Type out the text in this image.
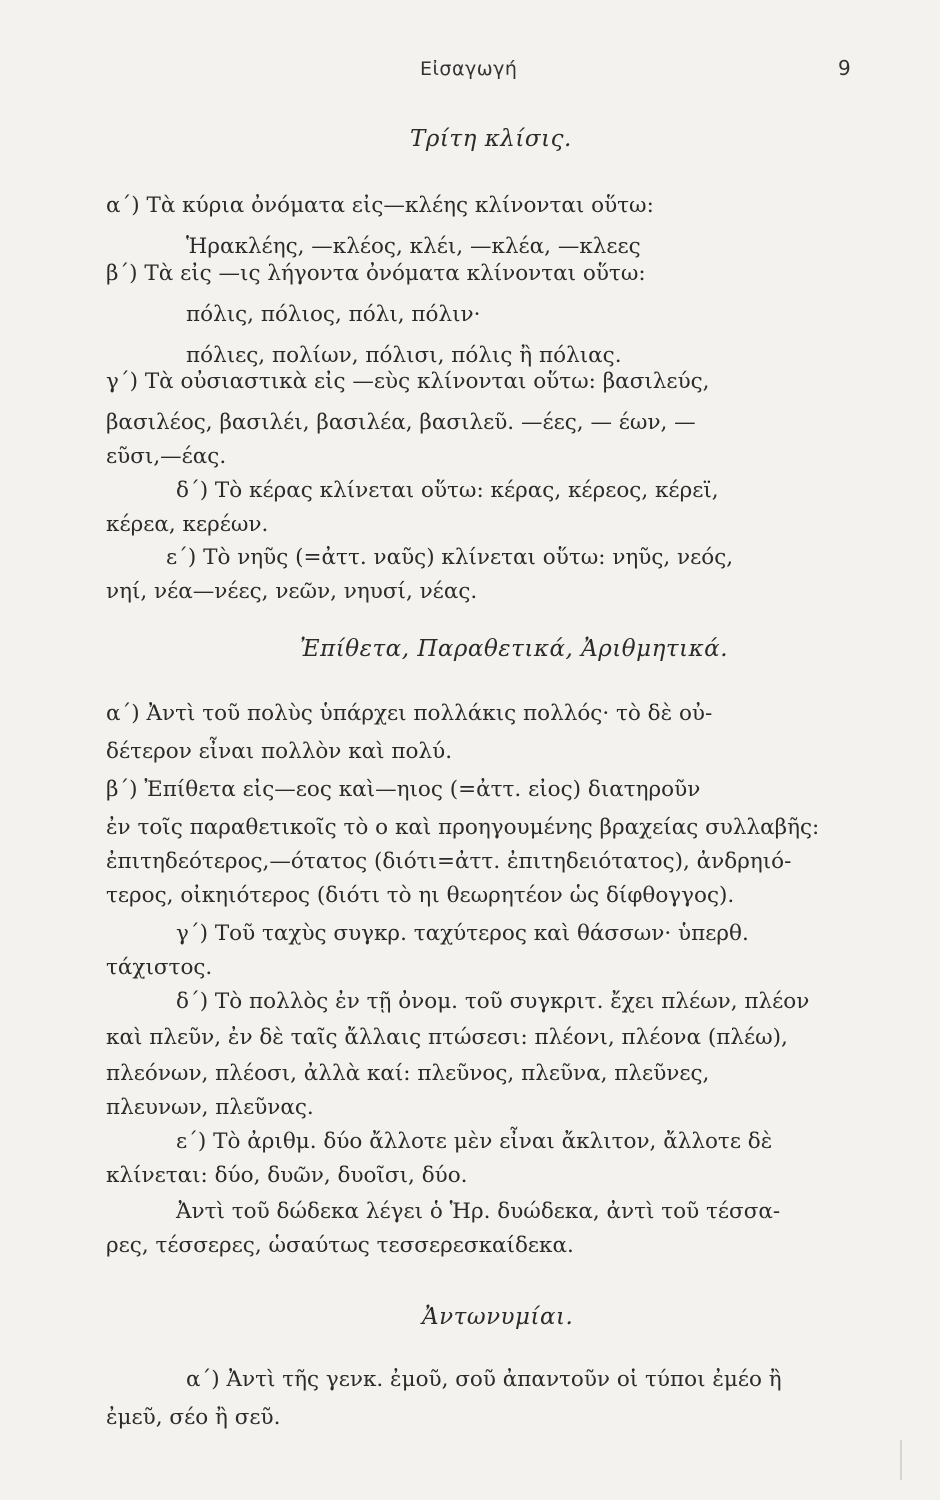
Εἰσαγωγή	9
Τρίτη κλίσις.
α΄) Τὰ κύρια ὀνόματα εἰς—κλέης κλίνονται οὕτω:
Ἡρακλέης, —κλέος, κλέι, —κλέα, —κλεες
β΄) Τὰ εἰς —ις λήγοντα ὀνόματα κλίνονται οὕτω:
πόλις, πόλιος, πόλι, πόλιν·
πόλιες, πολίων, πόλισι, πόλις ἢ πόλιας.
γ΄) Τὰ οὐσιαστικὰ εἰς —εὺς κλίνονται οὕτω: βασιλεύς,
βασιλέος, βασιλέι, βασιλέα, βασιλεῦ. —έες, — έων, —
εῦσι,—έας.
δ΄) Τὸ κέρας κλίνεται οὕτω: κέρας, κέρεος, κέρεϊ,
κέρεα, κερέων.
ε΄) Τὸ νηῦς (=ἀττ. ναῦς) κλίνεται οὕτω: νηῦς, νεός,
νηί, νέα—νέες, νεῶν, νηυσί, νέας.
Ἐπίθετα, Παραθετικά, Ἀριθμητικά.
α΄) Ἀντὶ τοῦ πολὺς ὑπάρχει πολλάκις πολλός· τὸ δὲ οὐ-
δέτερον εἶναι πολλὸν καὶ πολύ.
β΄) Ἐπίθετα εἰς—εος καὶ—ηιος (=ἀττ. εἰος) διατηροῦν
ἐν τοῖς παραθετικοῖς τὸ ο καὶ προηγουμένης βραχείας συλλαβῆς:
ἐπιτηδεότερος,—ότατος (διότι=ἀττ. ἐπιτηδειότατος), ἀνδρηιό-
τερος, οἰκηιότερος (διότι τὸ ηι θεωρητέον ὡς δίφθογγος).
γ΄) Τοῦ ταχὺς συγκρ. ταχύτερος καὶ θάσσων· ὑπερθ.
τάχιστος.
δ΄) Τὸ πολλὸς ἐν τῇ ὀνομ. τοῦ συγκριτ. ἔχει πλέων, πλέον
καὶ πλεῦν, ἐν δὲ ταῖς ἄλλαις πτώσεσι: πλέονι, πλέονα (πλέω),
πλεόνων, πλέοσι, ἀλλὰ καί: πλεῦνος, πλεῦνα, πλεῦνες,
πλευνων, πλεῦνας.
ε΄) Τὸ ἀριθμ. δύο ἄλλοτε μὲν εἶναι ἄκλιτον, ἄλλοτε δὲ
κλίνεται: δύο, δυῶν, δυοῖσι, δύο.
Ἀντὶ τοῦ δώδεκα λέγει ὁ Ἡρ. δυώδεκα, ἀντὶ τοῦ τέσσα-
ρες, τέσσερες, ὡσαύτως τεσσερεσκαίδεκα.
Ἀντωνυμίαι.
α΄) Ἀντὶ τῆς γενκ. ἐμοῦ, σοῦ ἀπαντοῦν οἱ τύποι ἐμέο ἢ
ἐμεῦ, σέο ἢ σεῦ.
